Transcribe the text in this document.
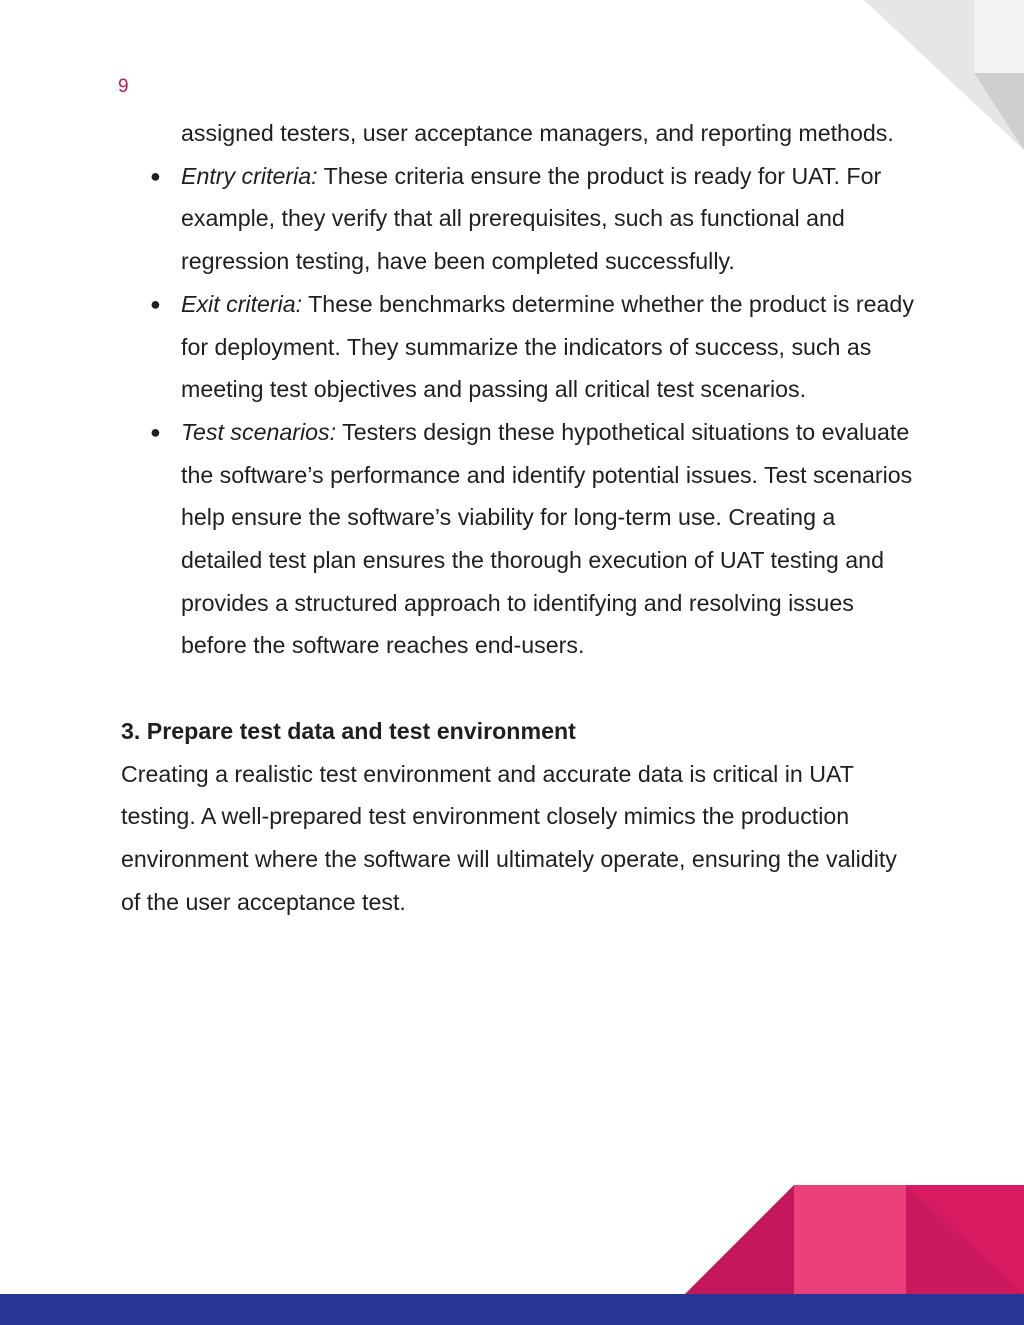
9

assigned testers, user acceptance managers, and reporting methods.

● Entry criteria: These criteria ensure the product is ready for UAT. For example, they verify that all prerequisites, such as functional and regression testing, have been completed successfully.
● Exit criteria: These benchmarks determine whether the product is ready for deployment. They summarize the indicators of success, such as meeting test objectives and passing all critical test scenarios.
● Test scenarios: Testers design these hypothetical situations to evaluate the software’s performance and identify potential issues. Test scenarios help ensure the software’s viability for long-term use. Creating a detailed test plan ensures the thorough execution of UAT testing and provides a structured approach to identifying and resolving issues before the software reaches end-users.
3. Prepare test data and test environment

Creating a realistic test environment and accurate data is critical in UAT testing. A well-prepared test environment closely mimics the production environment where the software will ultimately operate, ensuring the validity of the user acceptance test.
